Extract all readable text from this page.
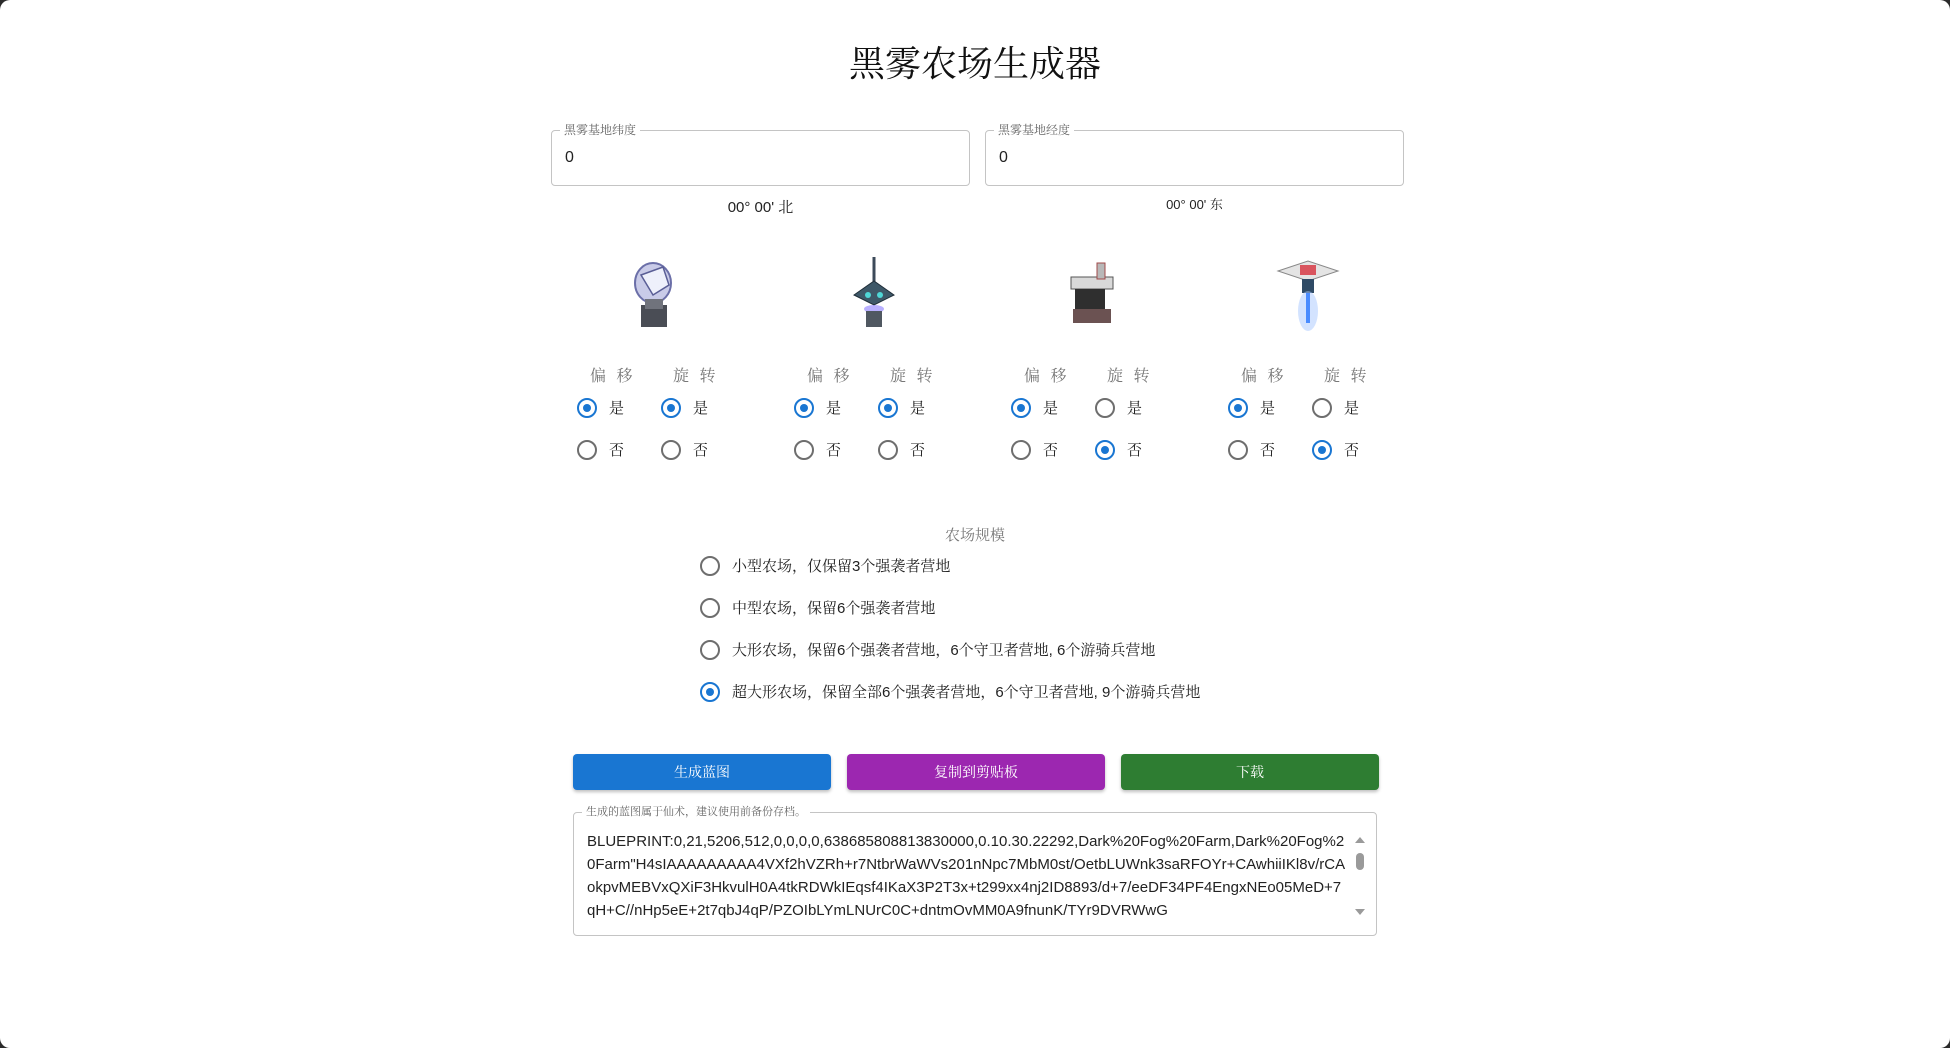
黑雾农场生成器
黑雾基地纬度
0
00° 00' 北
黑雾基地经度
0
00° 00' 东
偏 移 旋 转
是
否
是
否
偏 移 旋 转
是
否
是
否
偏 移 旋 转
是
否
是
否
偏 移 旋 转
是
否
是
否
农场规模
小型农场，仅保留3个强袭者营地
中型农场，保留6个强袭者营地
大形农场，保留6个强袭者营地，6个守卫者营地, 6个游骑兵营地
超大形农场，保留全部6个强袭者营地，6个守卫者营地, 9个游骑兵营地
生成蓝图	复制到剪贴板	下载
生成的蓝图属于仙术，建议使用前备份存档。
BLUEPRINT:0,21,5206,512,0,0,0,0,638685808813830000,0.10.30.22292,Dark%20Fog%20Farm,Dark%20Fog%20Farm"H4sIAAAAAAAAA4VXf2hVZRh+r7NtbrWaWVs201nNpc7MbM0st/OetbLUWnk3saRFOYr+CAwhiiIKl8v/rCAokpvMEBVxQXiF3HkvulH0A4tkRDWkIEqsf4IKaX3P2T3x+t299xx4nj2ID8893/d+7/eeDF34PF4EngxNEo05MeD+7qH+C//nHp5eE+2t7qbJ4qP/PZOIbLYmLNUrC0C+dntmOvMM0A9fnunK/TYr9DVRWwG
